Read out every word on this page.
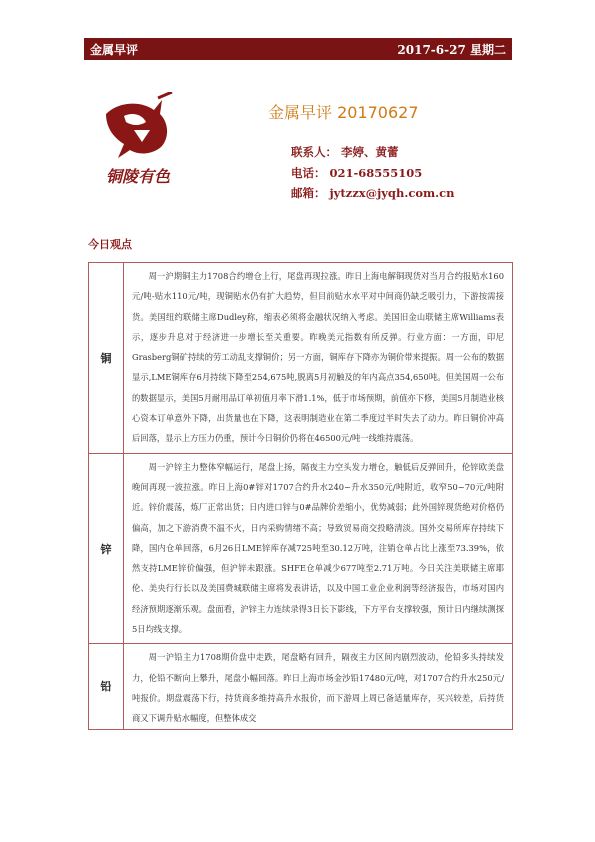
金属早评	2017-6-27 星期二
铜陵有色
金属早评 20170627
联系人： 李婷、黄蕾
电话： 021-68555105
邮箱： jytzzx@jyqh.com.cn
今日观点
铜	周一沪期铜主力1708合约增仓上行，尾盘再现拉涨。昨日上海电解铜现货对当月合约报贴水160元/吨-贴水110元/吨，现铜贴水仍有扩大趋势，但目前贴水水平对中间商仍缺乏吸引力，下游按需接货。美国纽约联储主席Dudley称，缩表必须将金融状况纳入考虑。美国旧金山联储主席Williams表示，逐步升息对于经济进一步增长至关重要。昨晚美元指数有所反弹。行业方面：一方面，印尼Grasberg铜矿持续的劳工动乱支撑铜价；另一方面，铜库存下降亦为铜价带来提振。周一公布的数据显示,LME铜库存6月持续下降至254,675吨,脱离5月初触及的年内高点354,650吨。但美国周一公布的数据显示，美国5月耐用品订单初值月率下滑1.1%，低于市场预期，前值亦下修，美国5月制造业核心资本订单意外下降，出货量也在下降，这表明制造业在第二季度过半时失去了动力。昨日铜价冲高后回落，显示上方压力仍重，预计今日铜价仍将在46500元/吨一线维持震荡。
锌	周一沪锌主力整体窄幅运行，尾盘上扬，隔夜主力空头发力增仓，触低后反弹回升，伦锌欧美盘晚间再现一波拉涨。昨日上海0#锌对1707合约升水240~升水350元/吨附近，收窄50~70元/吨附近。锌价震荡，炼厂正常出货；日内进口锌与0#品牌价差缩小，优势减弱；此外国锌现货绝对价格仍偏高，加之下游消费不温不火，日内采购情绪不高；导致贸易商交投略清淡。国外交易所库存持续下降，国内仓单回落，6月26日LME锌库存减725吨至30.12万吨，注销仓单占比上涨至73.39%，依然支持LME锌价偏强，但沪锌未跟涨。SHFE仓单减少677吨至2.71万吨。今日关注美联储主席耶伦、美央行行长以及美国费城联储主席将发表讲话，以及中国工业企业利润等经济报告，市场对国内经济预期逐渐乐观。盘面看，沪锌主力连续录得3日长下影线，下方平台支撑较强，预计日内继续测探5日均线支撑。
铅	周一沪铅主力1708期价盘中走跌，尾盘略有回升，隔夜主力区间内剧烈波动，伦铅多头持续发力，伦铅不断向上攀升，尾盘小幅回落。昨日上海市场金沙铅17480元/吨，对1707合约升水250元/吨报价。期盘震荡下行，持货商多维持高升水报价，而下游周上周已备适量库存，买兴较差，后持货商又下调升贴水幅度，但整体成交
